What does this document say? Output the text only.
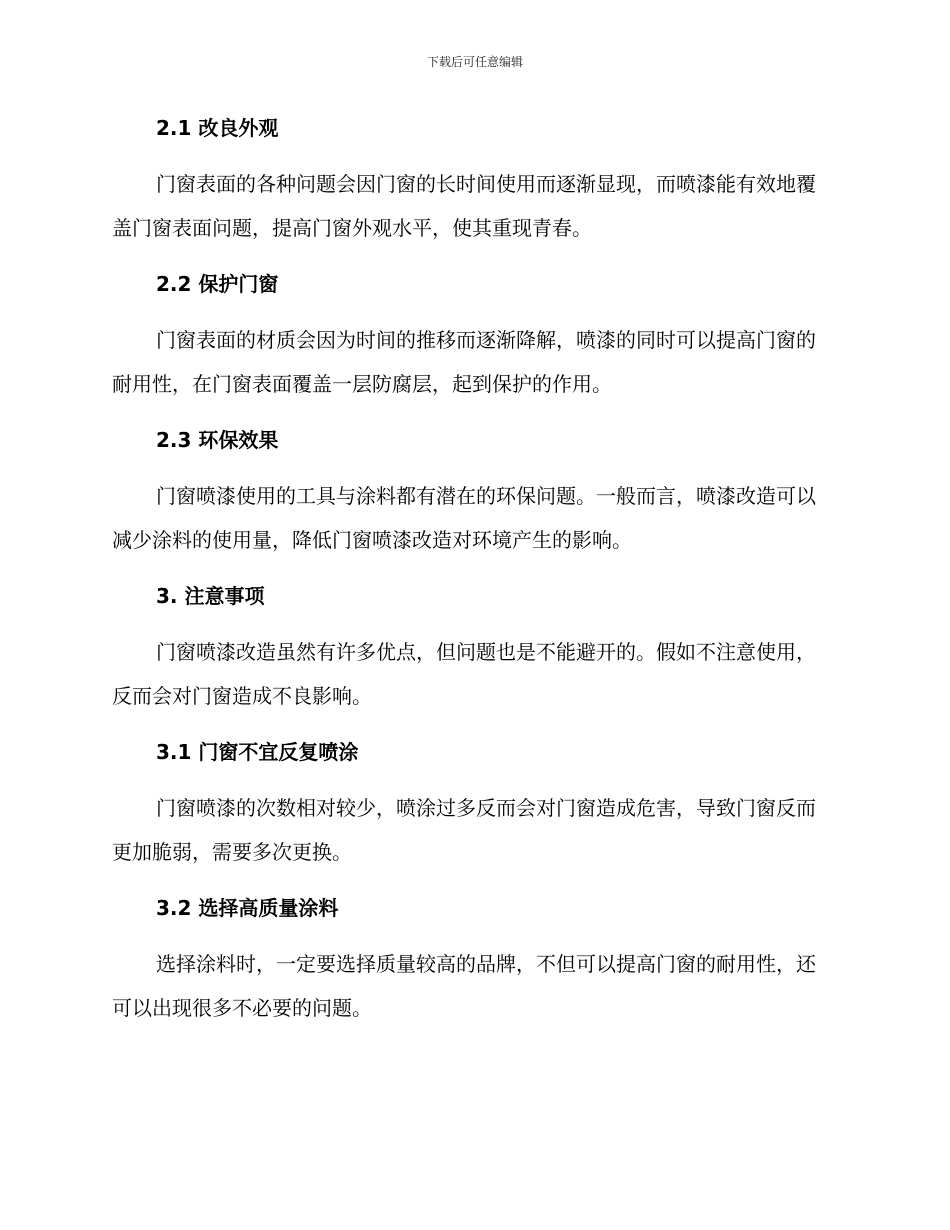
下载后可任意编辑
2.1 改良外观

门窗表面的各种问题会因门窗的长时间使用而逐渐显现，而喷漆能有效地覆盖门窗表面问题，提高门窗外观水平，使其重现青春。

2.2 保护门窗

门窗表面的材质会因为时间的推移而逐渐降解，喷漆的同时可以提高门窗的耐用性，在门窗表面覆盖一层防腐层，起到保护的作用。

2.3 环保效果

门窗喷漆使用的工具与涂料都有潜在的环保问题。一般而言，喷漆改造可以减少涂料的使用量，降低门窗喷漆改造对环境产生的影响。

3. 注意事项

门窗喷漆改造虽然有许多优点，但问题也是不能避开的。假如不注意使用，反而会对门窗造成不良影响。

3.1 门窗不宜反复喷涂

门窗喷漆的次数相对较少，喷涂过多反而会对门窗造成危害，导致门窗反而更加脆弱，需要多次更换。

3.2 选择高质量涂料

选择涂料时，一定要选择质量较高的品牌，不但可以提高门窗的耐用性，还可以出现很多不必要的问题。
